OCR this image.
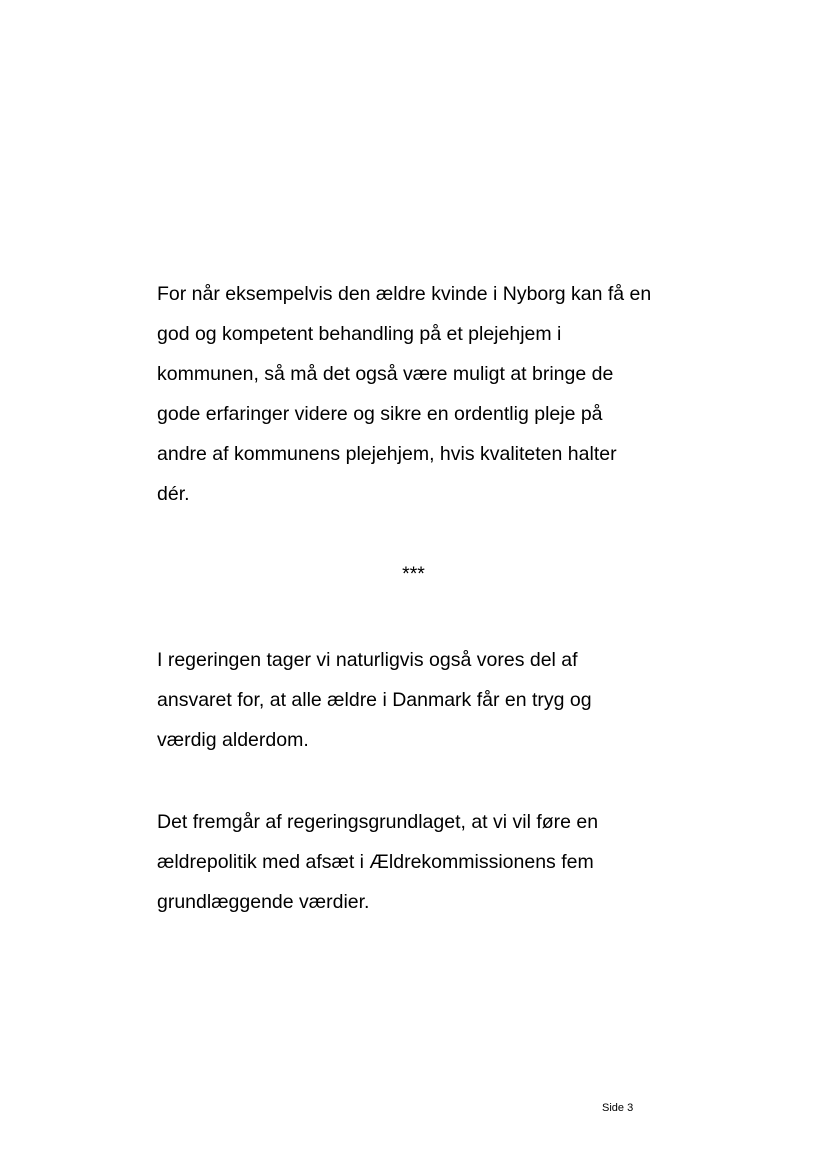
For når eksempelvis den ældre kvinde i Nyborg kan få en
god og kompetent behandling på et plejehjem i
kommunen, så må det også være muligt at bringe de
gode erfaringer videre og sikre en ordentlig pleje på
andre af kommunens plejehjem, hvis kvaliteten halter
dér.
***
I regeringen tager vi naturligvis også vores del af
ansvaret for, at alle ældre i Danmark får en tryg og
værdig alderdom.
Det fremgår af regeringsgrundlaget, at vi vil føre en
ældrepolitik med afsæt i Ældrekommissionens fem
grundlæggende værdier.
Side 3
